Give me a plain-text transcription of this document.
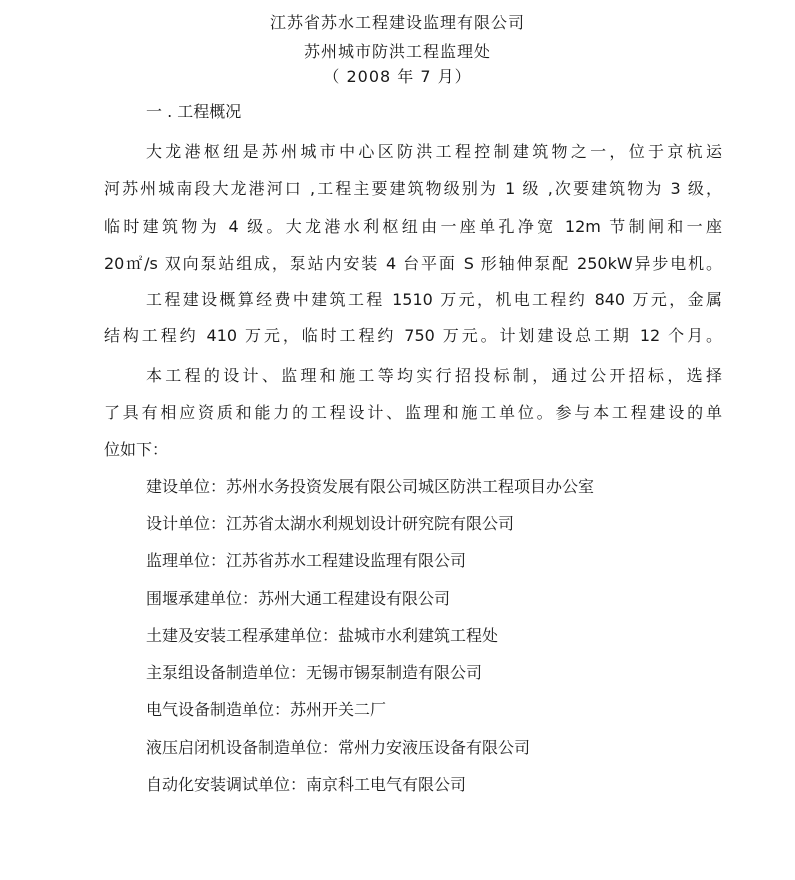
江苏省苏水工程建设监理有限公司
苏州城市防洪工程监理处
（ 2008 年 7 月）
一 . 工程概况
大龙港枢纽是苏州城市中心区防洪工程控制建筑物之一，位于京杭运
河苏州城南段大龙港河口 ,工程主要建筑物级别为 1 级 ,次要建筑物为 3 级，
临时建筑物为 4 级。大龙港水利枢纽由一座单孔净宽 12m 节制闸和一座
20㎡/s 双向泵站组成，泵站内安装 4 台平面 S 形轴伸泵配 250kW异步电机。
工程建设概算经费中建筑工程 1510 万元，机电工程约 840 万元，金属
结构工程约 410 万元，临时工程约 750 万元。计划建设总工期 12 个月。
本工程的设计、监理和施工等均实行招投标制，通过公开招标，选择
了具有相应资质和能力的工程设计、监理和施工单位。参与本工程建设的单
位如下：
建设单位：苏州水务投资发展有限公司城区防洪工程项目办公室
设计单位：江苏省太湖水利规划设计研究院有限公司
监理单位：江苏省苏水工程建设监理有限公司
围堰承建单位：苏州大通工程建设有限公司
土建及安装工程承建单位：盐城市水利建筑工程处
主泵组设备制造单位：无锡市锡泵制造有限公司
电气设备制造单位：苏州开关二厂
液压启闭机设备制造单位：常州力安液压设备有限公司
自动化安装调试单位：南京科工电气有限公司
